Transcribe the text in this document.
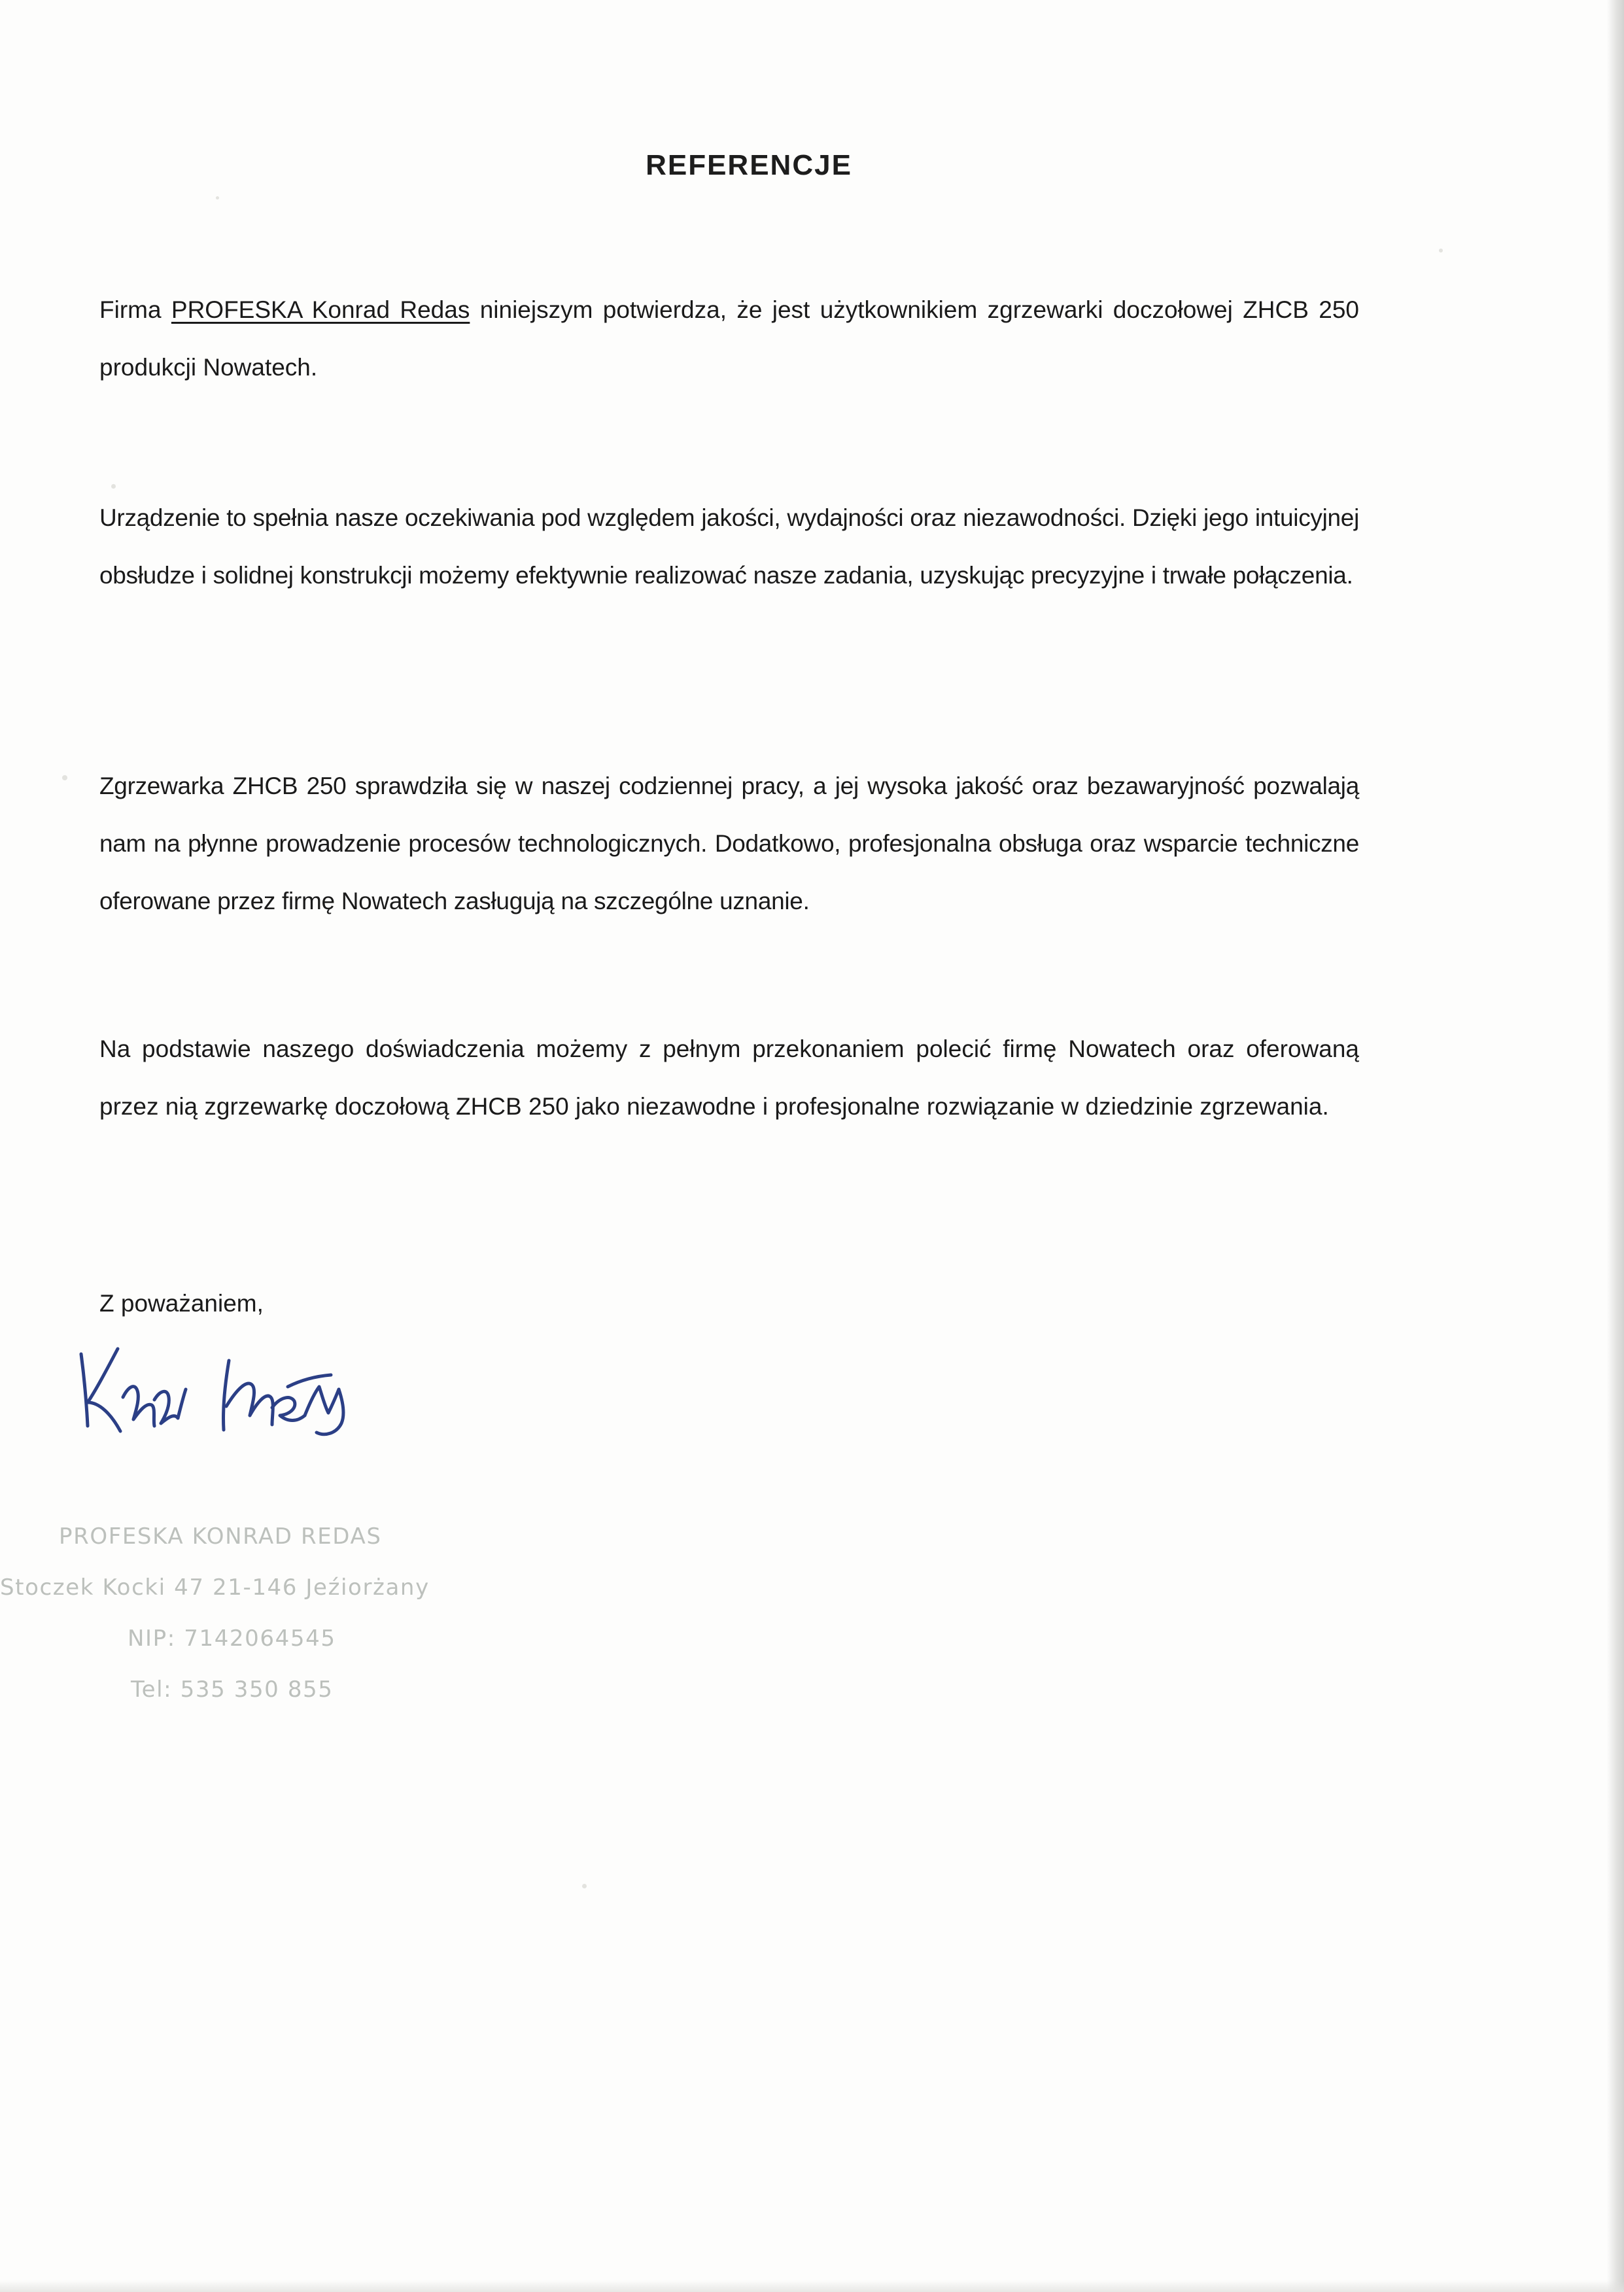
REFERENCJE
Firma PROFESKA Konrad Redas niniejszym potwierdza, że jest użytkownikiem zgrzewarki doczołowej ZHCB 250 produkcji Nowatech.
Urządzenie to spełnia nasze oczekiwania pod względem jakości, wydajności oraz niezawodności. Dzięki jego intuicyjnej obsłudze i solidnej konstrukcji możemy efektywnie realizować nasze zadania, uzyskując precyzyjne i trwałe połączenia.
Zgrzewarka ZHCB 250 sprawdziła się w naszej codziennej pracy, a jej wysoka jakość oraz bezawaryjność pozwalają nam na płynne prowadzenie procesów technologicznych. Dodatkowo, profesjonalna obsługa oraz wsparcie techniczne oferowane przez firmę Nowatech zasługują na szczególne uznanie.
Na podstawie naszego doświadczenia możemy z pełnym przekonaniem polecić firmę Nowatech oraz oferowaną przez nią zgrzewarkę doczołową ZHCB 250 jako niezawodne i profesjonalne rozwiązanie w dziedzinie zgrzewania.
Z poważaniem,
PROFESKA KONRAD REDAS
Stoczek Kocki 47 21-146 Jeźiorżany
NIP: 7142064545
Tel: 535 350 855
